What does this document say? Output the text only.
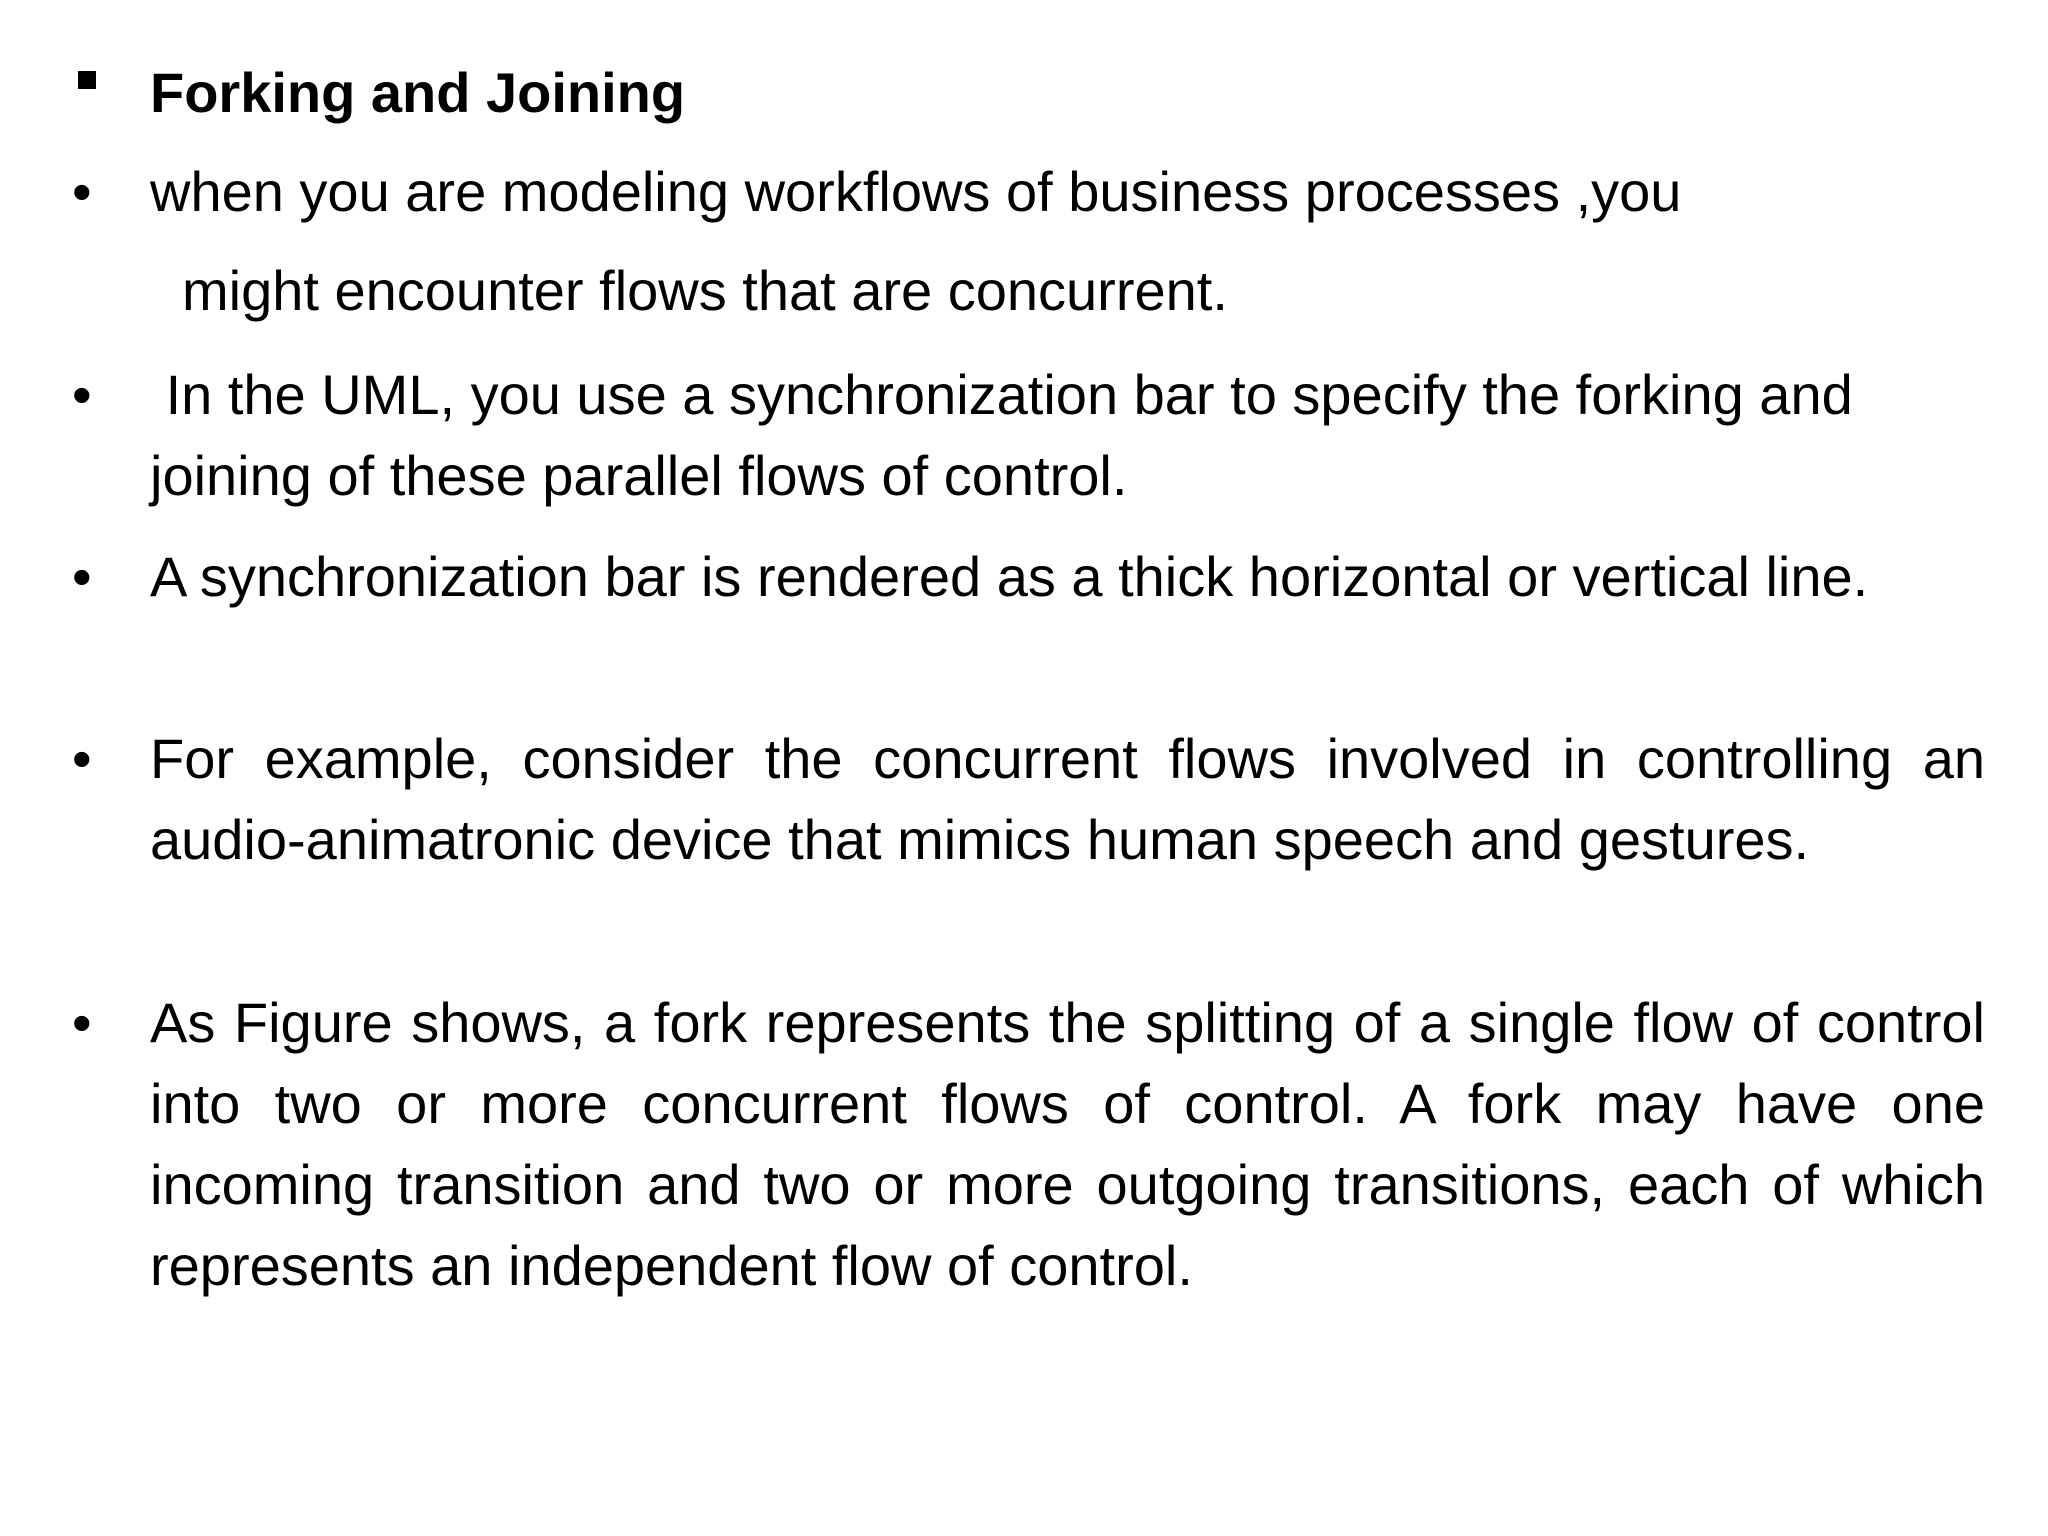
Forking and Joining
• when you are modeling workflows of business processes ,you
might encounter flows that are concurrent.
• In the UML, you use a synchronization bar to specify the forking and joining of these parallel flows of control.
• A synchronization bar is rendered as a thick horizontal or vertical line.
• For example, consider the concurrent flows involved in controlling an audio-animatronic device that mimics human speech and gestures.
• As Figure shows, a fork represents the splitting of a single flow of control into two or more concurrent flows of control. A fork may have one incoming transition and two or more outgoing transitions, each of which represents an independent flow of control.
